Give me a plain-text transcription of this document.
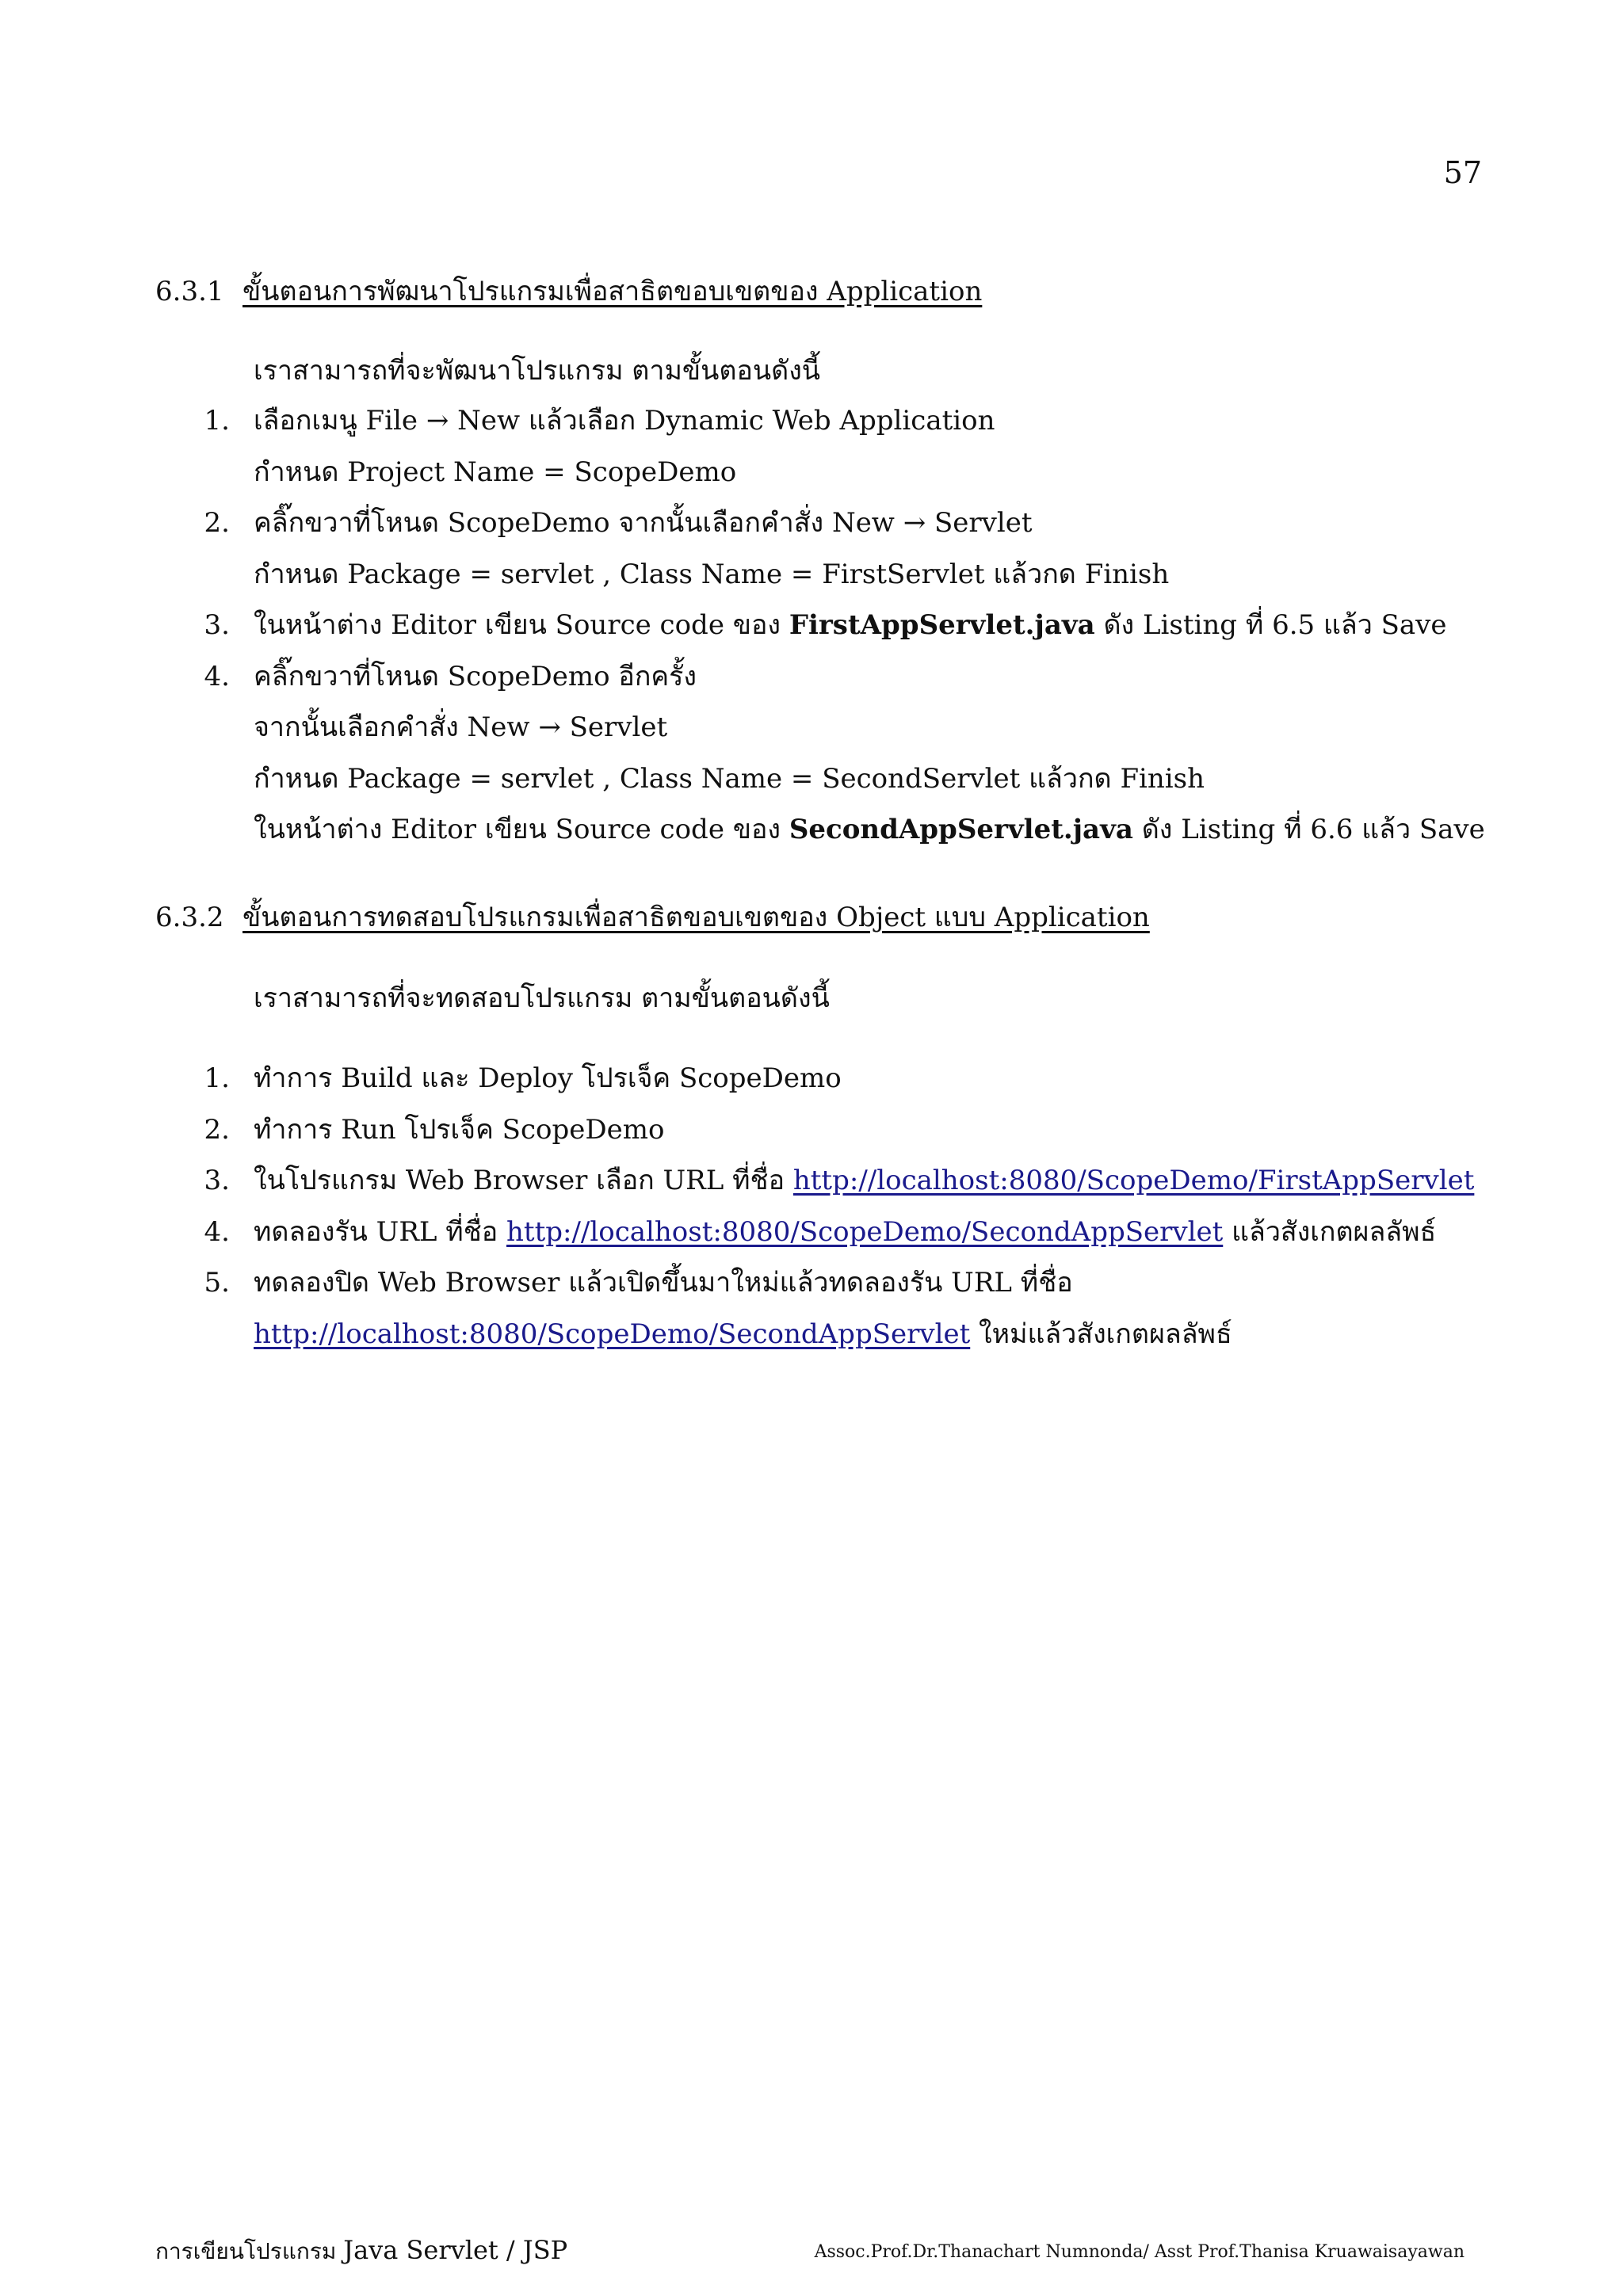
57
6.3.1 ขั้นตอนการพัฒนาโปรแกรมเพื่อสาธิตขอบเขตของ Application
เราสามารถที่จะพัฒนาโปรแกรม ตามขั้นตอนดังนี้
1. เลือกเมนู File → New แล้วเลือก Dynamic Web Application
กำหนด Project Name = ScopeDemo
2. คลิ๊กขวาที่โหนด ScopeDemo จากนั้นเลือกคำสั่ง New → Servlet
กำหนด Package = servlet , Class Name = FirstServlet แล้วกด Finish
3. ในหน้าต่าง Editor เขียน Source code ของ FirstAppServlet.java ดัง Listing ที่ 6.5 แล้ว Save
4. คลิ๊กขวาที่โหนด ScopeDemo อีกครั้ง
จากนั้นเลือกคำสั่ง New → Servlet
กำหนด Package = servlet , Class Name = SecondServlet แล้วกด Finish
ในหน้าต่าง Editor เขียน Source code ของ SecondAppServlet.java ดัง Listing ที่ 6.6 แล้ว Save
6.3.2 ขั้นตอนการทดสอบโปรแกรมเพื่อสาธิตขอบเขตของ Object แบบ Application
เราสามารถที่จะทดสอบโปรแกรม ตามขั้นตอนดังนี้
1. ทำการ Build และ Deploy โปรเจ็ค ScopeDemo
2. ทำการ Run โปรเจ็ค ScopeDemo
3. ในโปรแกรม Web Browser เลือก URL ที่ชื่อ http://localhost:8080/ScopeDemo/FirstAppServlet
4. ทดลองรัน URL ที่ชื่อ http://localhost:8080/ScopeDemo/SecondAppServlet แล้วสังเกตผลลัพธ์
5. ทดลองปิด Web Browser แล้วเปิดขึ้นมาใหม่แล้วทดลองรัน URL ที่ชื่อ
http://localhost:8080/ScopeDemo/SecondAppServlet ใหม่แล้วสังเกตผลลัพธ์
การเขียนโปรแกรม Java Servlet / JSP	Assoc.Prof.Dr.Thanachart Numnonda/ Asst Prof.Thanisa Kruawaisayawan
